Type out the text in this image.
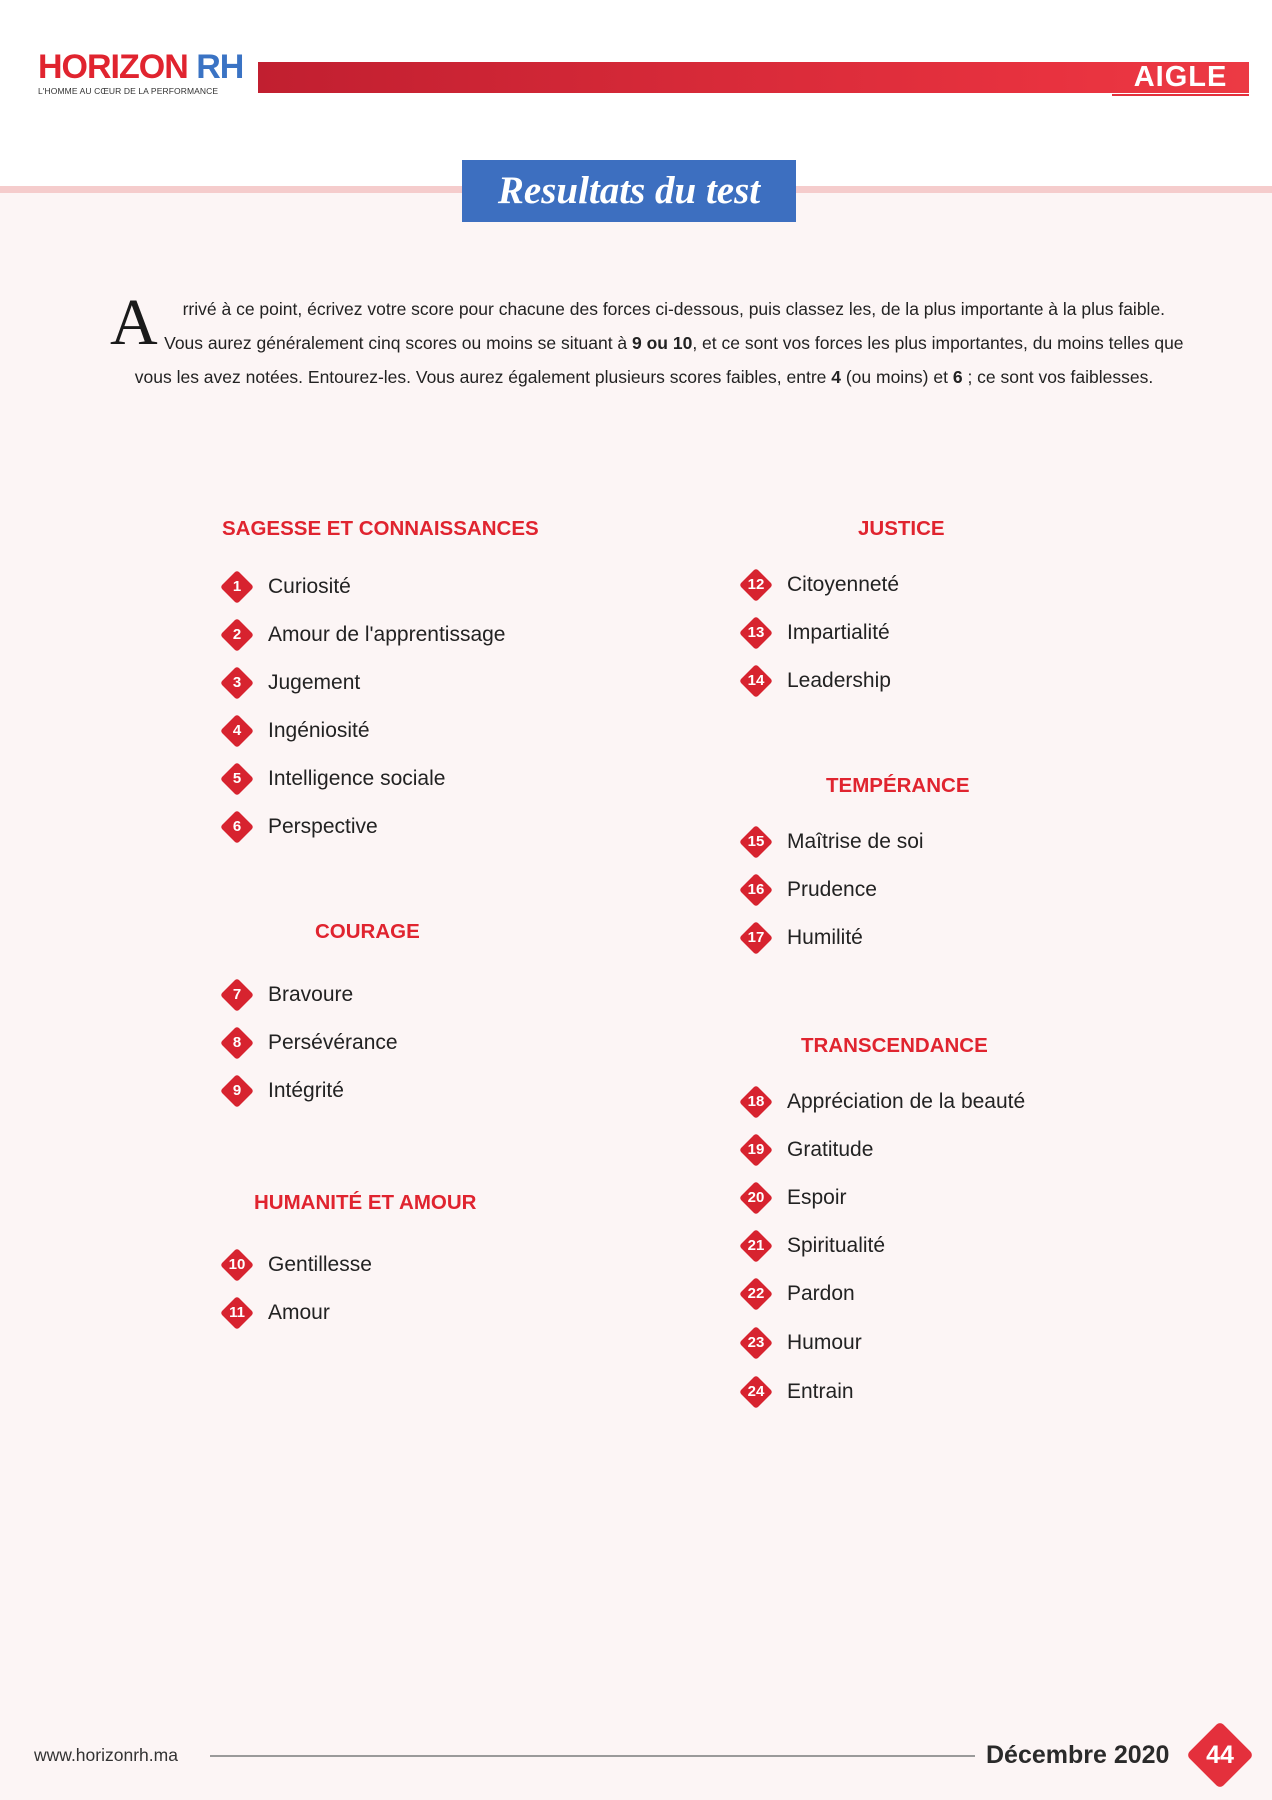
HORIZON RH
L'HOMME AU CŒUR DE LA PERFORMANCE	AIGLE
Resultats du test
A rrivé à ce point, écrivez votre score pour chacune des forces ci-dessous, puis classez les, de la plus importante à la plus faible. Vous aurez généralement cinq scores ou moins se situant à 9 ou 10, et ce sont vos forces les plus importantes, du moins telles que vous les avez notées. Entourez-les. Vous aurez également plusieurs scores faibles, entre 4 (ou moins) et 6 ; ce sont vos faiblesses.
SAGESSE ET CONNAISSANCES
1	Curiosité
2	Amour de l'apprentissage
3	Jugement
4	Ingéniosité
5	Intelligence sociale
6	Perspective
COURAGE
7	Bravoure
8	Persévérance
9	Intégrité
HUMANITÉ ET AMOUR
10	Gentillesse
11	Amour
JUSTICE
12	Citoyenneté
13	Impartialité
14	Leadership
TEMPÉRANCE
15	Maîtrise de soi
16	Prudence
17	Humilité
TRANSCENDANCE
18	Appréciation de la beauté
19	Gratitude
20	Espoir
21	Spiritualité
22	Pardon
23	Humour
24	Entrain
www.horizonrh.ma	Décembre 2020	44
